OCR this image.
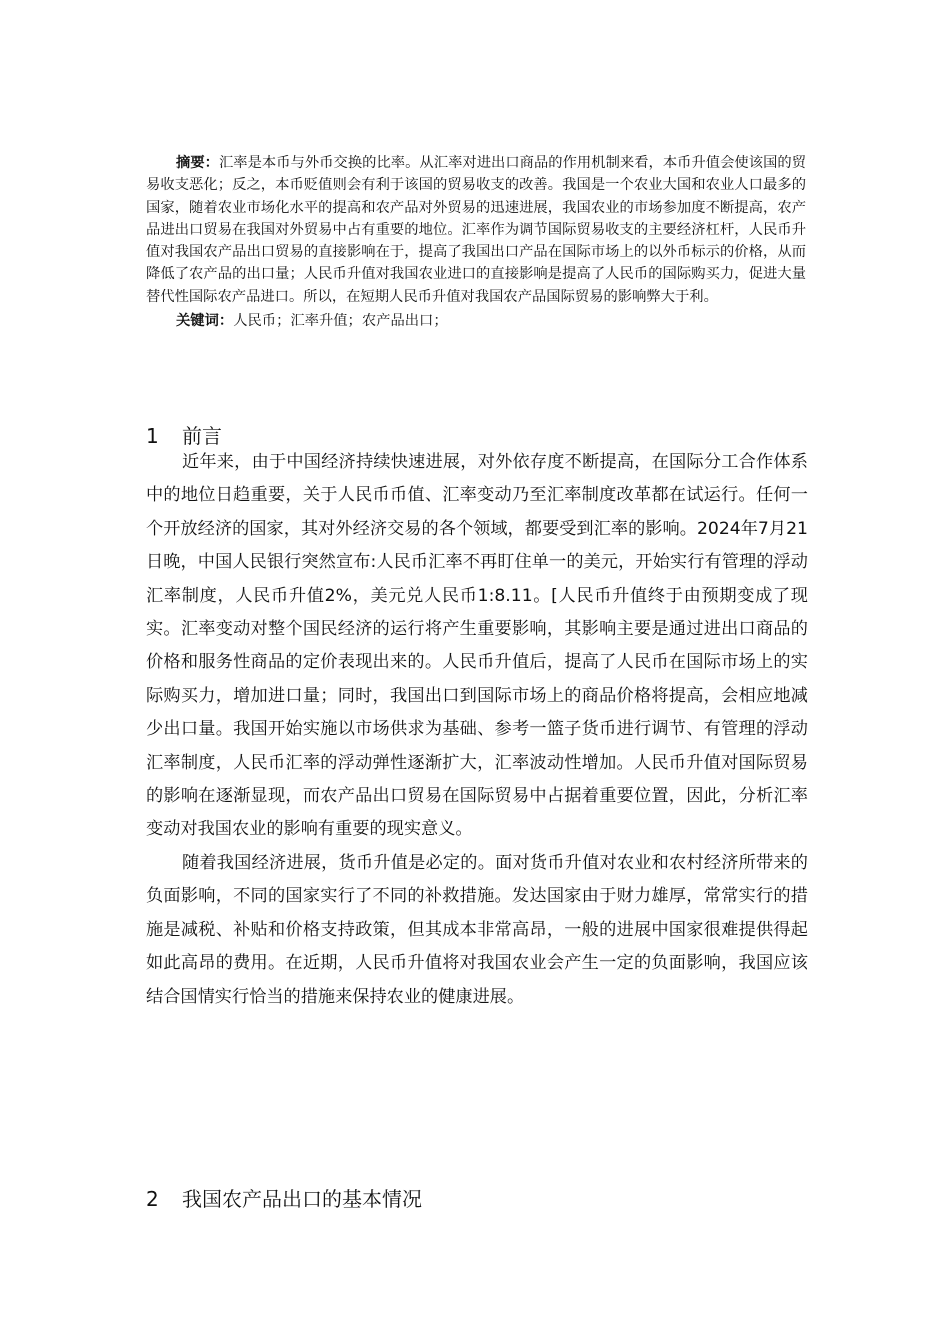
摘要：汇率是本币与外币交换的比率。从汇率对进出口商品的作用机制来看，本币升值会使该国的贸易收支恶化；反之，本币贬值则会有利于该国的贸易收支的改善。我国是一个农业大国和农业人口最多的国家，随着农业市场化水平的提高和农产品对外贸易的迅速进展，我国农业的市场参加度不断提高，农产品进出口贸易在我国对外贸易中占有重要的地位。汇率作为调节国际贸易收支的主要经济杠杆，人民币升值对我国农产品出口贸易的直接影响在于，提高了我国出口产品在国际市场上的以外币标示的价格，从而降低了农产品的出口量；人民币升值对我国农业进口的直接影响是提高了人民币的国际购买力，促进大量替代性国际农产品进口。所以，在短期人民币升值对我国农产品国际贸易的影响弊大于利。

关键词：人民币；汇率升值；农产品出口；

1 前言

近年来，由于中国经济持续快速进展，对外依存度不断提高，在国际分工合作体系中的地位日趋重要，关于人民币币值、汇率变动乃至汇率制度改革都在试运行。任何一个开放经济的国家，其对外经济交易的各个领域，都要受到汇率的影响。2024年7月21日晚，中国人民银行突然宣布:人民币汇率不再盯住单一的美元，开始实行有管理的浮动汇率制度，人民币升值2%，美元兑人民币1:8.11。[人民币升值终于由预期变成了现实。汇率变动对整个国民经济的运行将产生重要影响，其影响主要是通过进出口商品的价格和服务性商品的定价表现出来的。人民币升值后，提高了人民币在国际市场上的实际购买力，增加进口量；同时，我国出口到国际市场上的商品价格将提高，会相应地减少出口量。我国开始实施以市场供求为基础、参考一篮子货币进行调节、有管理的浮动汇率制度，人民币汇率的浮动弹性逐渐扩大，汇率波动性增加。人民币升值对国际贸易的影响在逐渐显现，而农产品出口贸易在国际贸易中占据着重要位置，因此，分析汇率变动对我国农业的影响有重要的现实意义。

随着我国经济进展，货币升值是必定的。面对货币升值对农业和农村经济所带来的负面影响，不同的国家实行了不同的补救措施。发达国家由于财力雄厚，常常实行的措施是减税、补贴和价格支持政策，但其成本非常高昂，一般的进展中国家很难提供得起如此高昂的费用。在近期，人民币升值将对我国农业会产生一定的负面影响，我国应该结合国情实行恰当的措施来保持农业的健康进展。

2 我国农产品出口的基本情况
